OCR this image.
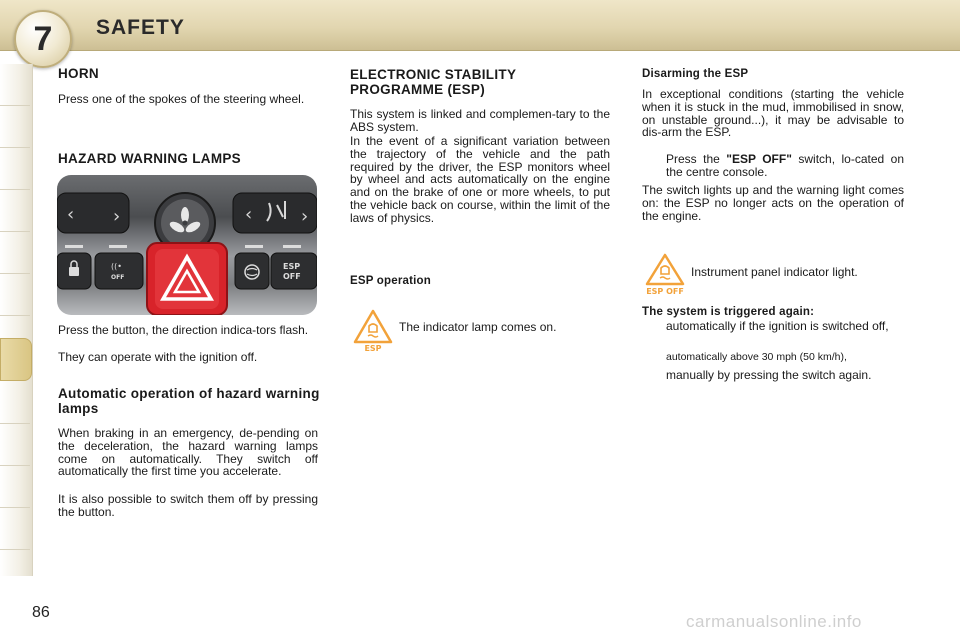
7	SAFETY
HORN

Press one of the spokes of the steering wheel.

HAZARD WARNING LAMPS
‹ ›	‹	›
((•
OFF
ESP
OFF

Press the button, the direction indica-tors flash.

They can operate with the ignition off.

Automatic operation of hazard warning lamps

When braking in an emergency, de-pending on the deceleration, the hazard warning lamps come on automatically. They switch off automatically the first time you accelerate.

It is also possible to switch them off by pressing the button.

ELECTRONIC STABILITY PROGRAMME (ESP)

This system is linked and complemen-tary to the ABS system.

In the event of a significant variation between the trajectory of the vehicle and the path required by the driver, the ESP monitors wheel by wheel and acts automatically on the engine and on the brake of one or more wheels, to put the vehicle back on course, within the limit of the laws of physics.

ESP operation
ESP
The indicator lamp comes on.
Disarming the ESP

In exceptional conditions (starting the vehicle when it is stuck in the mud, immobilised in snow, on unstable ground...), it may be advisable to dis-arm the ESP.

Press the "ESP OFF" switch, lo-cated on the centre console.

The switch lights up and the warning light comes on: the ESP no longer acts on the operation of the engine.

ESP OFF
Instrument panel indicator light.
The system is triggered again:
automatically if the ignition is switched off,
automatically above 30 mph (50 km/h),
manually by pressing the switch again.
86	carmanualsonline.info
